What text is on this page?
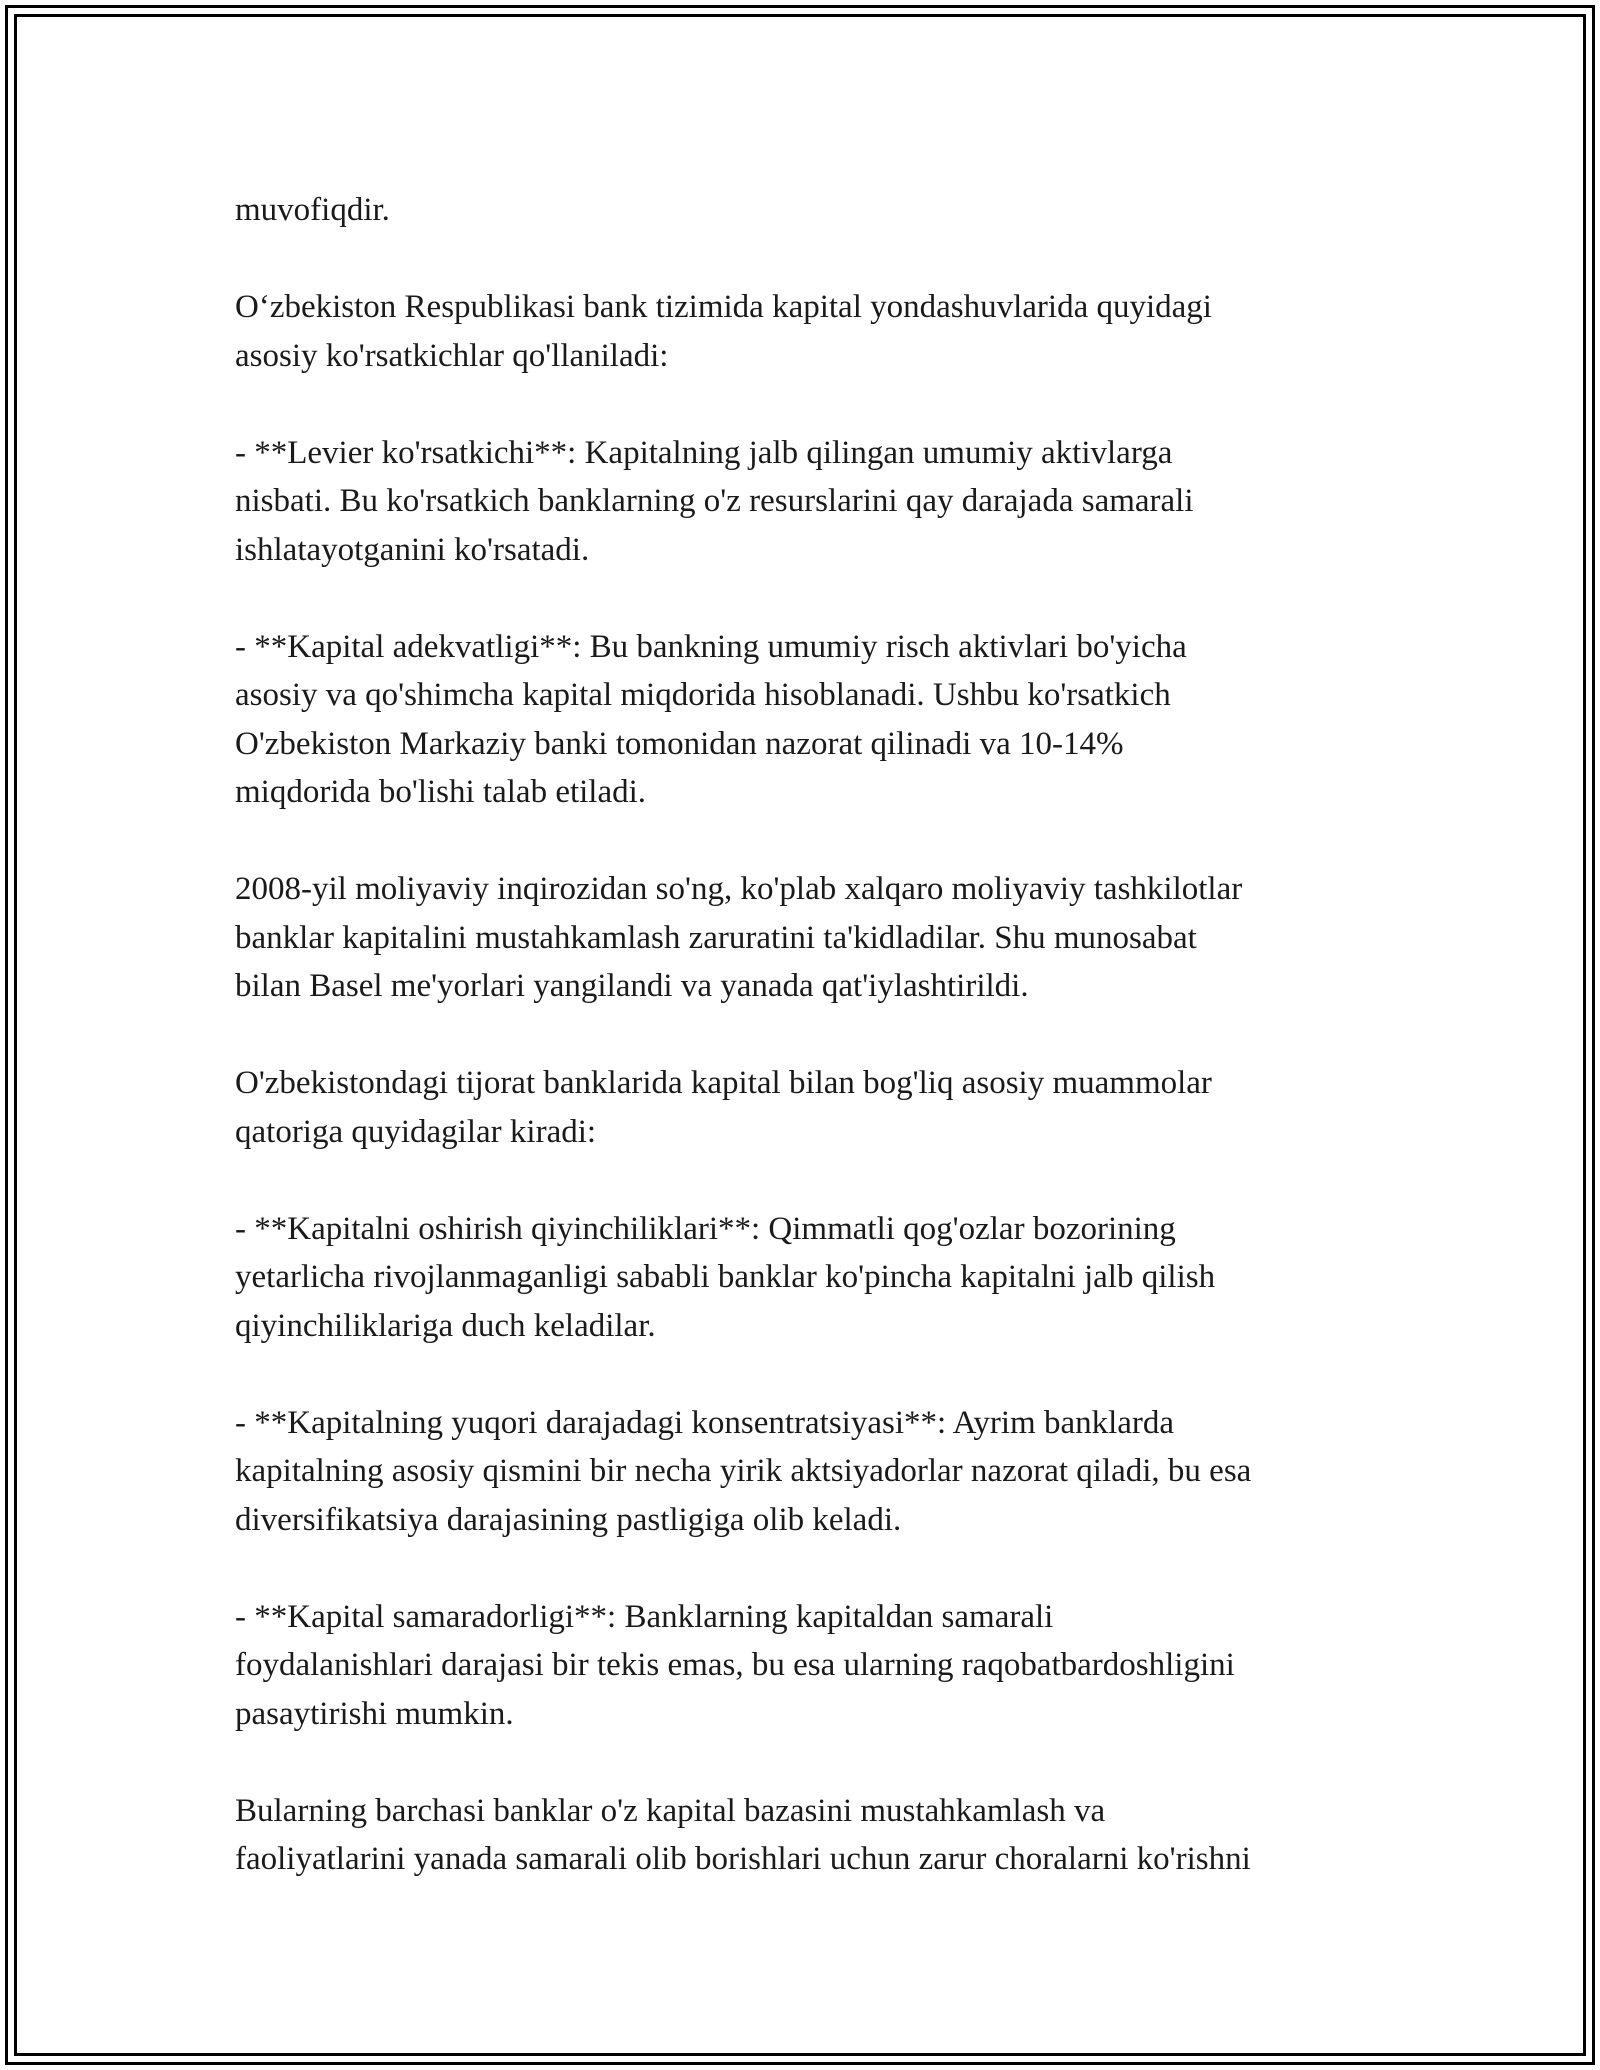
muvofiqdir.

O‘zbekiston Respublikasi bank tizimida kapital yondashuvlarida quyidagi
asosiy ko'rsatkichlar qo'llaniladi:

- **Levier ko'rsatkichi**: Kapitalning jalb qilingan umumiy aktivlarga
nisbati. Bu ko'rsatkich banklarning o'z resurslarini qay darajada samarali
ishlatayotganini ko'rsatadi.

- **Kapital adekvatligi**: Bu bankning umumiy risch aktivlari bo'yicha
asosiy va qo'shimcha kapital miqdorida hisoblanadi. Ushbu ko'rsatkich
O'zbekiston Markaziy banki tomonidan nazorat qilinadi va 10-14%
miqdorida bo'lishi talab etiladi.

2008-yil moliyaviy inqirozidan so'ng, ko'plab xalqaro moliyaviy tashkilotlar
banklar kapitalini mustahkamlash zaruratini ta'kidladilar. Shu munosabat
bilan Basel me'yorlari yangilandi va yanada qat'iylashtirildi.

O'zbekistondagi tijorat banklarida kapital bilan bog'liq asosiy muammolar
qatoriga quyidagilar kiradi:

- **Kapitalni oshirish qiyinchiliklari**: Qimmatli qog'ozlar bozorining
yetarlicha rivojlanmaganligi sababli banklar ko'pincha kapitalni jalb qilish
qiyinchiliklariga duch keladilar.

- **Kapitalning yuqori darajadagi konsentratsiyasi**: Ayrim banklarda
kapitalning asosiy qismini bir necha yirik aktsiyadorlar nazorat qiladi, bu esa
diversifikatsiya darajasining pastligiga olib keladi.

- **Kapital samaradorligi**: Banklarning kapitaldan samarali
foydalanishlari darajasi bir tekis emas, bu esa ularning raqobatbardoshligini
pasaytirishi mumkin.

Bularning barchasi banklar o'z kapital bazasini mustahkamlash va
faoliyatlarini yanada samarali olib borishlari uchun zarur choralarni ko'rishni
